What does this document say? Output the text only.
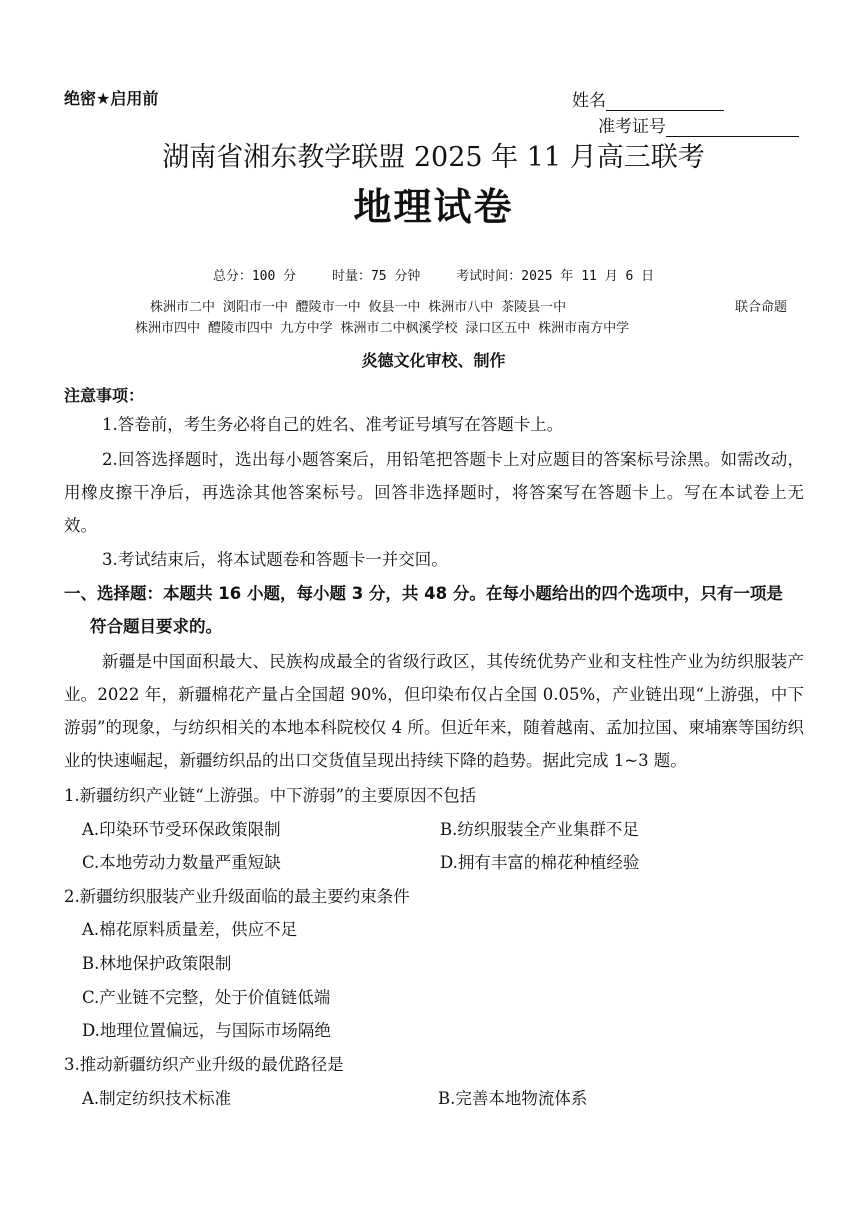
绝密★启用前	姓名
准考证号
湖南省湘东教学联盟 2025 年 11 月高三联考
地理试卷
总分：100 分	时量：75 分钟	考试时间：2025 年 11 月 6 日
株洲市二中 浏阳市一中 醴陵市一中 攸县一中 株洲市八中 茶陵县一中	联合命题
株洲市四中 醴陵市四中 九方中学 株洲市二中枫溪学校 渌口区五中 株洲市南方中学
炎德文化审校、制作
注意事项：
1.答卷前，考生务必将自己的姓名、准考证号填写在答题卡上。
2.回答选择题时，选出每小题答案后，用铅笔把答题卡上对应题目的答案标号涂黑。如需改动，用橡皮擦干净后，再选涂其他答案标号。回答非选择题时，将答案写在答题卡上。写在本试卷上无效。
3.考试结束后，将本试题卷和答题卡一并交回。
一、选择题：本题共 16 小题，每小题 3 分，共 48 分。在每小题给出的四个选项中，只有一项是
符合题目要求的。
新疆是中国面积最大、民族构成最全的省级行政区，其传统优势产业和支柱性产业为纺织服装产业。2022 年，新疆棉花产量占全国超 90%，但印染布仅占全国 0.05%，产业链出现“上游强，中下游弱”的现象，与纺织相关的本地本科院校仅 4 所。但近年来，随着越南、孟加拉国、柬埔寨等国纺织业的快速崛起，新疆纺织品的出口交货值呈现出持续下降的趋势。据此完成 1~3 题。
1.新疆纺织产业链“上游强。中下游弱”的主要原因不包括
A.印染环节受环保政策限制	B.纺织服装全产业集群不足
C.本地劳动力数量严重短缺	D.拥有丰富的棉花种植经验
2.新疆纺织服装产业升级面临的最主要约束条件
A.棉花原料质量差，供应不足
B.林地保护政策限制
C.产业链不完整，处于价值链低端
D.地理位置偏远，与国际市场隔绝
3.推动新疆纺织产业升级的最优路径是
A.制定纺织技术标准	B.完善本地物流体系
